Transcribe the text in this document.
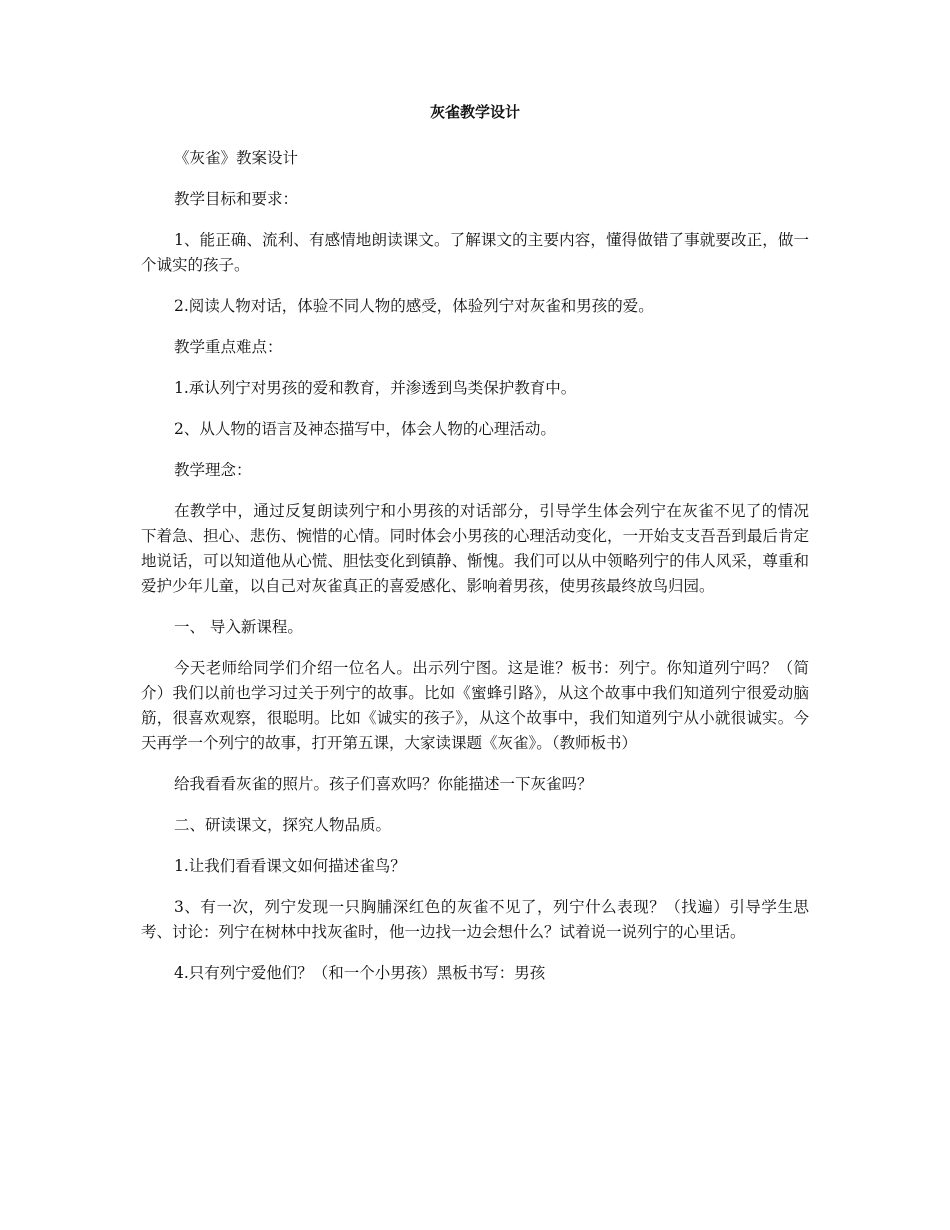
灰雀教学设计

《灰雀》教案设计

教学目标和要求：

1、能正确、流利、有感情地朗读课文。了解课文的主要内容，懂得做错了事就要改正，做一个诚实的孩子。

2.阅读人物对话，体验不同人物的感受，体验列宁对灰雀和男孩的爱。

教学重点难点：

1.承认列宁对男孩的爱和教育，并渗透到鸟类保护教育中。

2、从人物的语言及神态描写中，体会人物的心理活动。

教学理念：

在教学中，通过反复朗读列宁和小男孩的对话部分，引导学生体会列宁在灰雀不见了的情况下着急、担心、悲伤、惋惜的心情。同时体会小男孩的心理活动变化，一开始支支吾吾到最后肯定地说话，可以知道他从心慌、胆怯变化到镇静、惭愧。我们可以从中领略列宁的伟人风采，尊重和爱护少年儿童，以自己对灰雀真正的喜爱感化、影响着男孩，使男孩最终放鸟归园。

一、 导入新课程。

今天老师给同学们介绍一位名人。出示列宁图。这是谁？板书：列宁。你知道列宁吗？（简介）我们以前也学习过关于列宁的故事。比如《蜜蜂引路》，从这个故事中我们知道列宁很爱动脑筋，很喜欢观察，很聪明。比如《诚实的孩子》，从这个故事中，我们知道列宁从小就很诚实。今天再学一个列宁的故事，打开第五课，大家读课题《灰雀》。（教师板书）

给我看看灰雀的照片。孩子们喜欢吗？你能描述一下灰雀吗？

二、研读课文，探究人物品质。

1.让我们看看课文如何描述雀鸟？

3、有一次，列宁发现一只胸脯深红色的灰雀不见了，列宁什么表现？（找遍）引导学生思考、讨论：列宁在树林中找灰雀时，他一边找一边会想什么？试着说一说列宁的心里话。

4.只有列宁爱他们？（和一个小男孩）黑板书写：男孩
